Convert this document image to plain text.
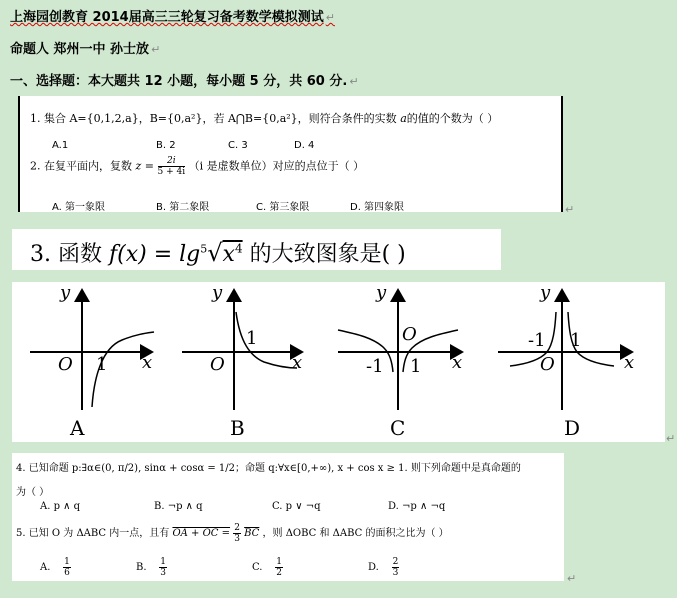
上海园创教育 2014届高三三轮复习备考数学模拟测试 ↵
命题人 郑州一中 孙士放 ↵
一、选择题：本大题共 12 小题，每小题 5 分，共 60 分. ↵
1. 集合 A={0,1,2,a}，B={0,a²}，若 A⋂B={0,a²}，则符合条件的实数 a的值的个数为（ ）
A.1	B. 2	C. 3	D. 4
2. 在复平面内，复数 $z = \frac{2i}{5 + 4i} (i$ 是虚数单位）对应的点位于（ ）
A. 第一象限	B. 第二象限	C. 第三象限	D. 第四象限	↵
3. 函数 $f(x) = \lg^5√x^4$ 的大致图象是( )
y
x
O 1
A
y
x
O
1
B
y
x
O
-1 1
C
y
x
O
-1 1
D	↵
4. 已知命题 p:∃α∈(0, π/2), sinα + cosα = 1/2；命题 q:∀x∈[0,+∞), x + cos x ≥ 1. 则下列命题中是真命题的
为（ ）
A. p ∧ q	B. ¬p ∧ q	C. p ∨ ¬q	D. ¬p ∧ ¬q
5. 已知 O 为 ΔABC 内一点，且有 OA + OC = $\frac{2}{3} \overline{BC}$ ，则 ΔOBC 和 ΔABC 的面积之比为（ ）
A. $\frac{1}{6}$	B. $\frac{1}{3}$	C. $\frac{1}{2}$	D. $\frac{2}{3}$
↵
